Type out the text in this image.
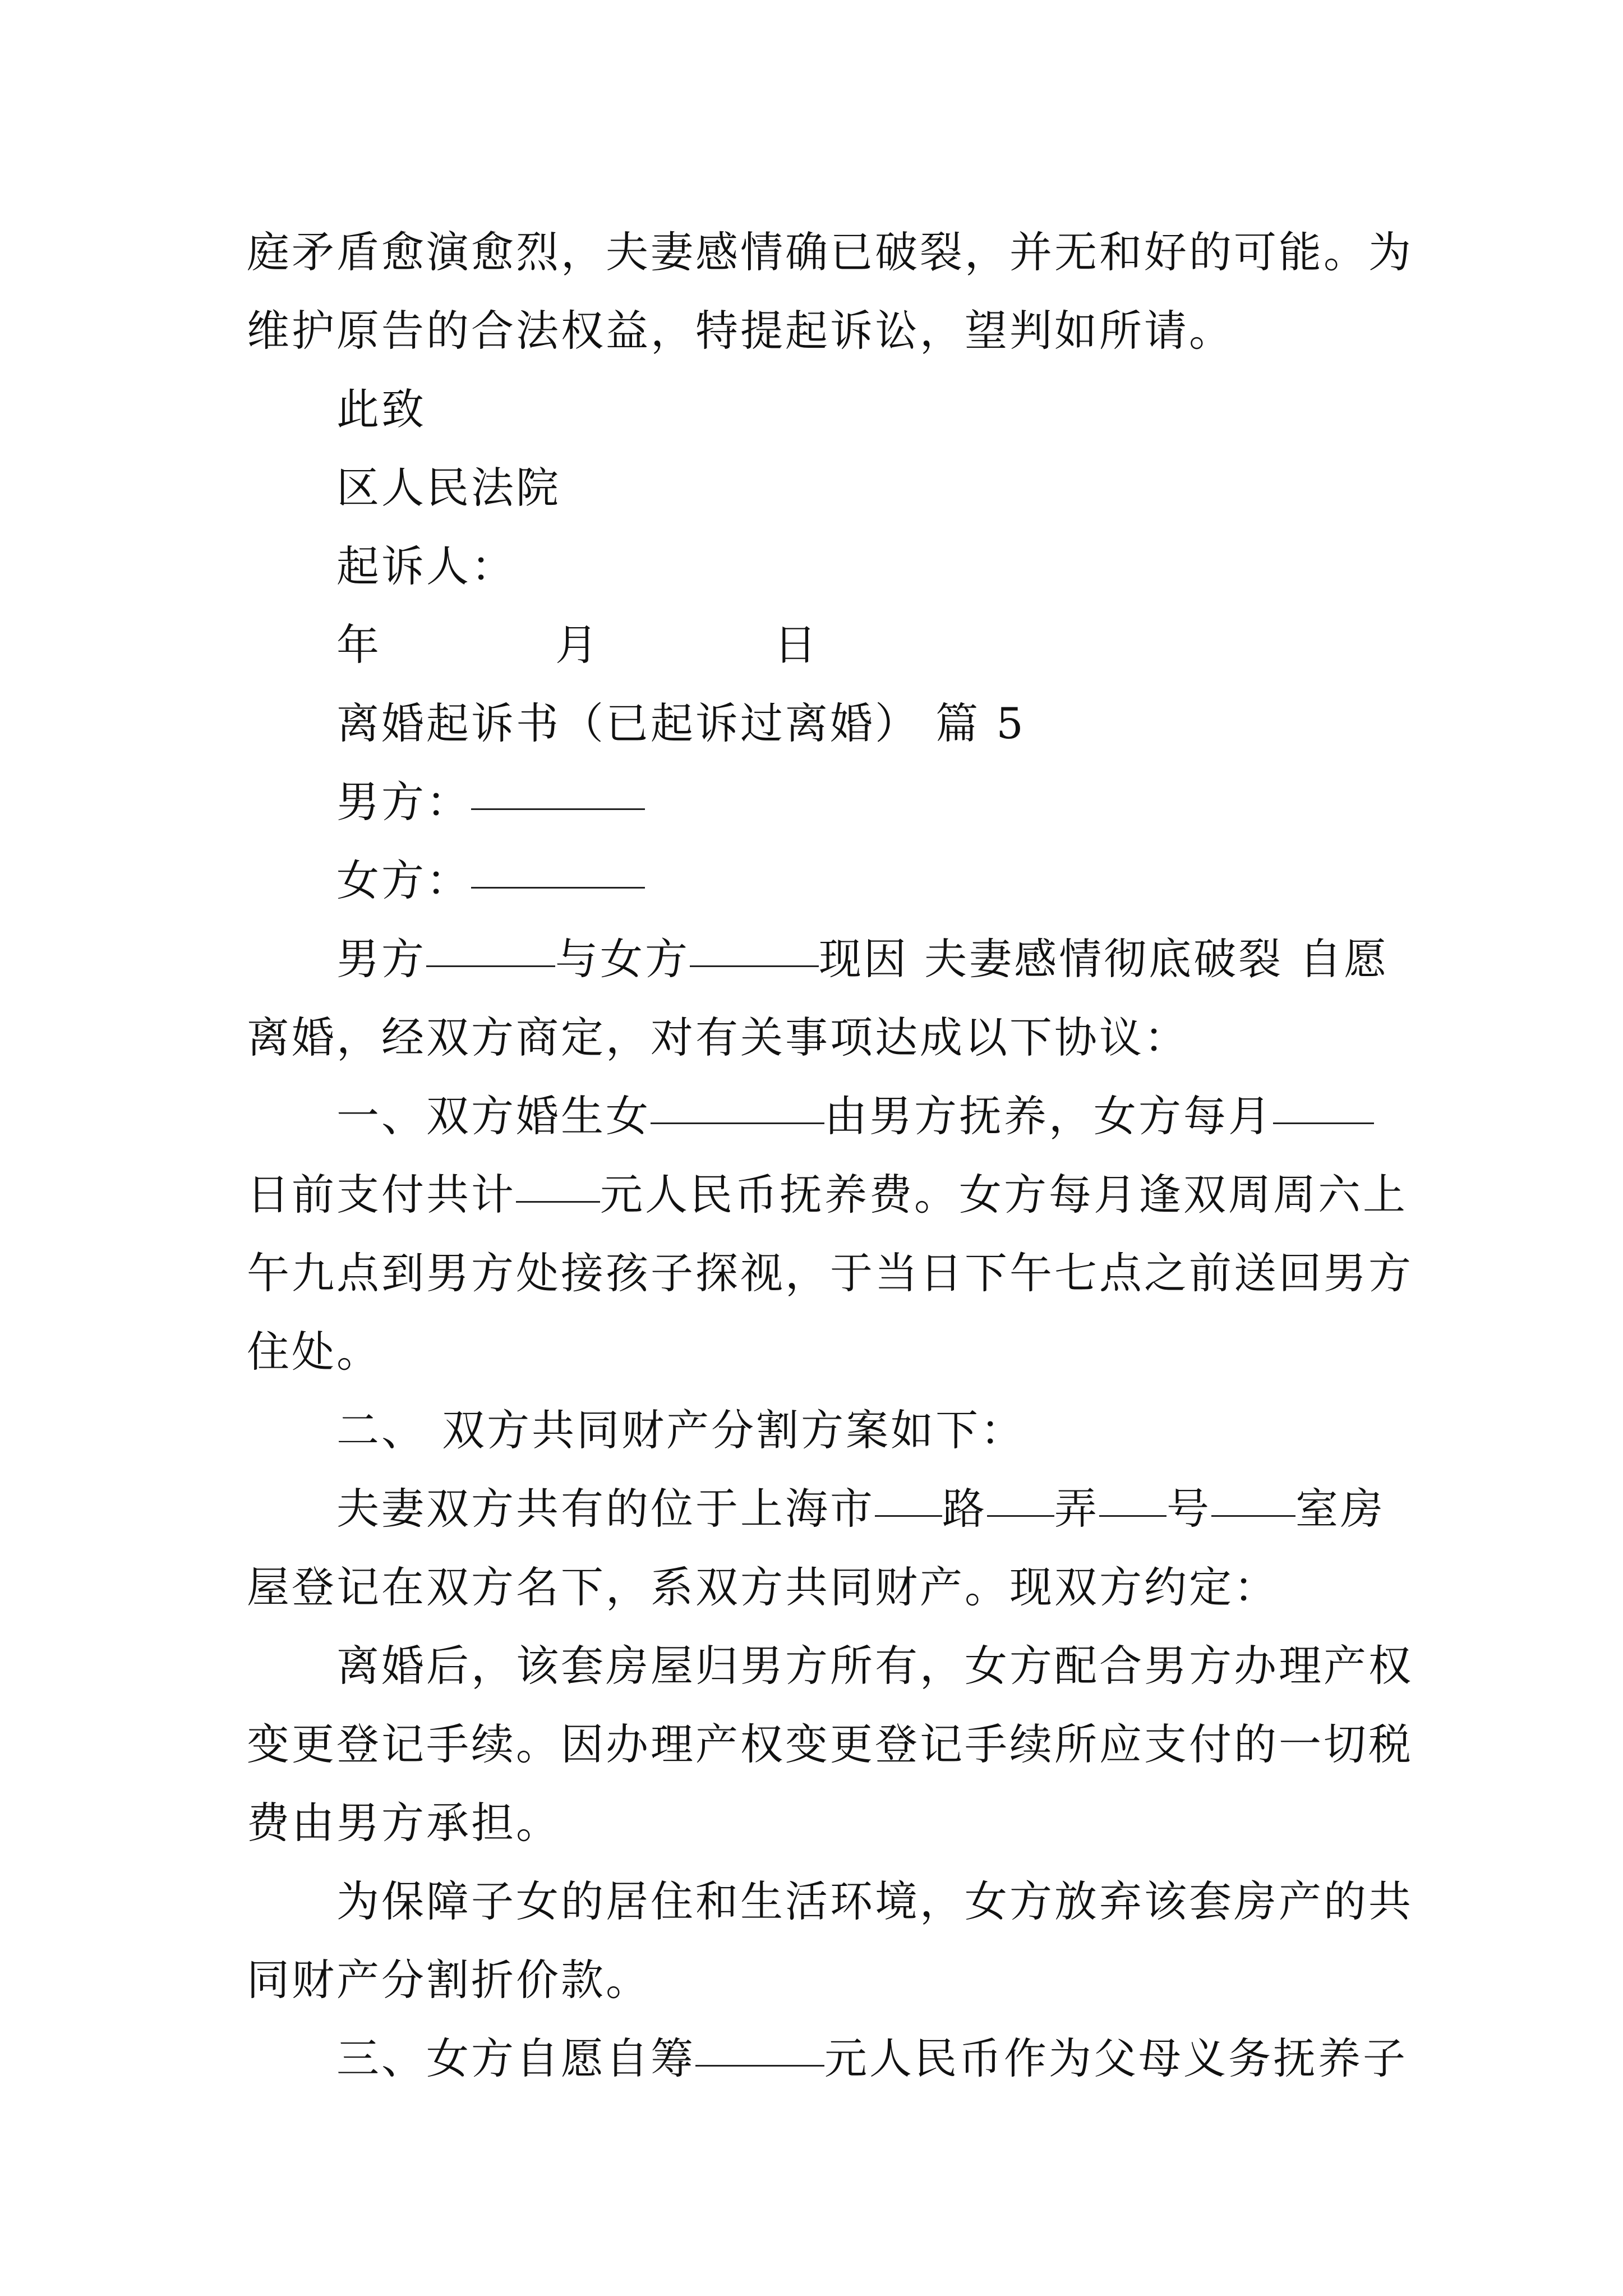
庭矛盾愈演愈烈，夫妻感情确已破裂，并无和好的可能。为
维护原告的合法权益，特提起诉讼，望判如所请。
此致
区人民法院
起诉人：
年	月	日
离婚起诉书（已起诉过离婚） 篇 5
男方：
女方：
男方	与女方	现因 夫妻感情彻底破裂 自愿
离婚，经双方商定，对有关事项达成以下协议：
一、双方婚生女	由男方抚养，女方每月
日前支付共计 元人民币抚养费。女方每月逢双周周六上
午九点到男方处接孩子探视，于当日下午七点之前送回男方
住处。
二、 双方共同财产分割方案如下：
夫妻双方共有的位于上海市 路 弄 号 室房
屋登记在双方名下，系双方共同财产。现双方约定：
离婚后，该套房屋归男方所有，女方配合男方办理产权
变更登记手续。因办理产权变更登记手续所应支付的一切税
费由男方承担。
为保障子女的居住和生活环境，女方放弃该套房产的共
同财产分割折价款。
三、女方自愿自筹	元人民币作为父母义务抚养子
